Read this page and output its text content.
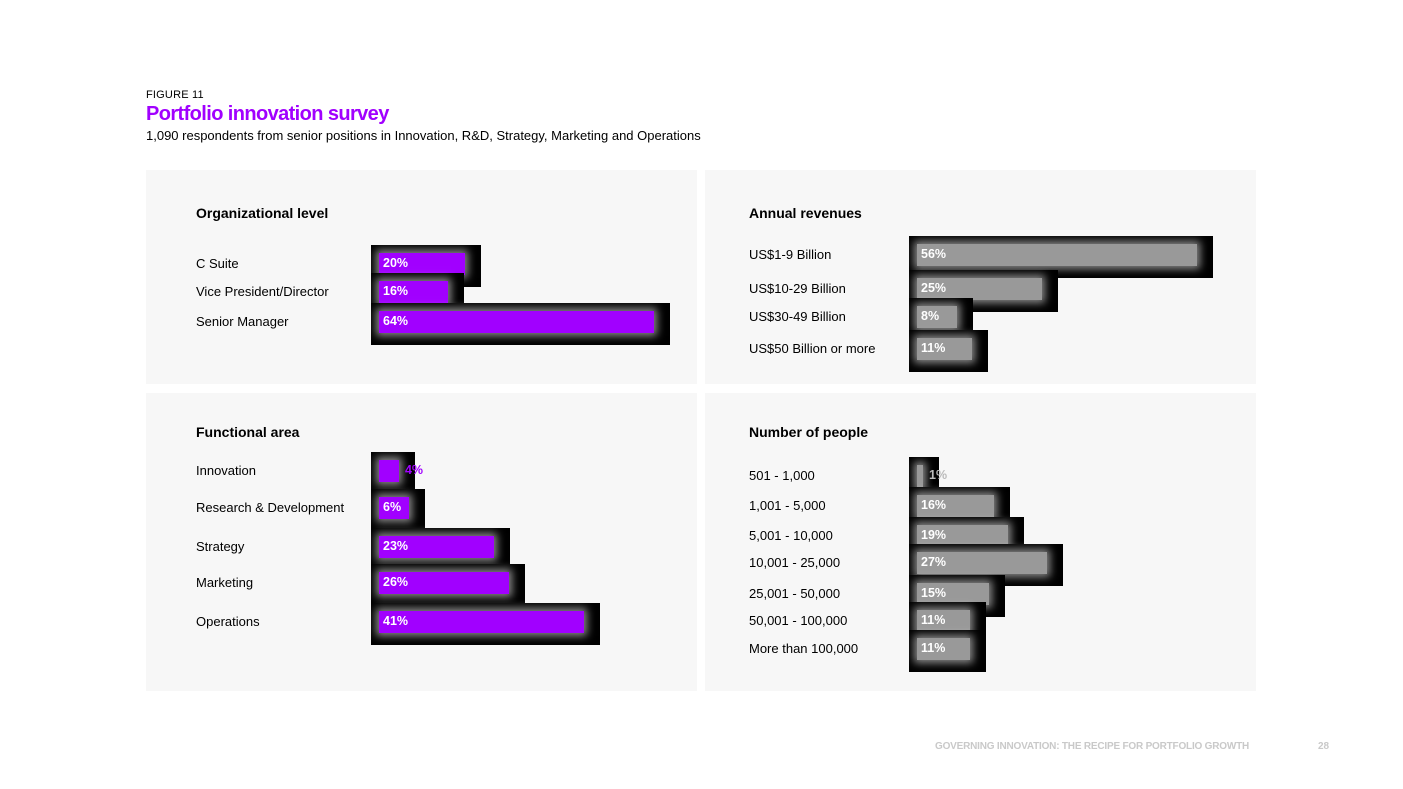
FIGURE 11
Portfolio innovation survey
1,090 respondents from senior positions in Innovation, R&D, Strategy, Marketing and Operations
Organizational level
C Suite	20%
Vice President/Director	16%
Senior Manager	64%
Annual revenues
US$1-9 Billion	56%
US$10-29 Billion	25%
US$30-49 Billion	8%
US$50 Billion or more	11%
Functional area
Innovation	4%
Research & Development	6%
Strategy	23%
Marketing	26%
Operations	41%
Number of people
501 - 1,000	1%
1,001 - 5,000	16%
5,001 - 10,000	19%
10,001 - 25,000	27%
25,001 - 50,000	15%
50,001 - 100,000	11%
More than 100,000	11%
GOVERNING INNOVATION: THE RECIPE FOR PORTFOLIO GROWTH	28
